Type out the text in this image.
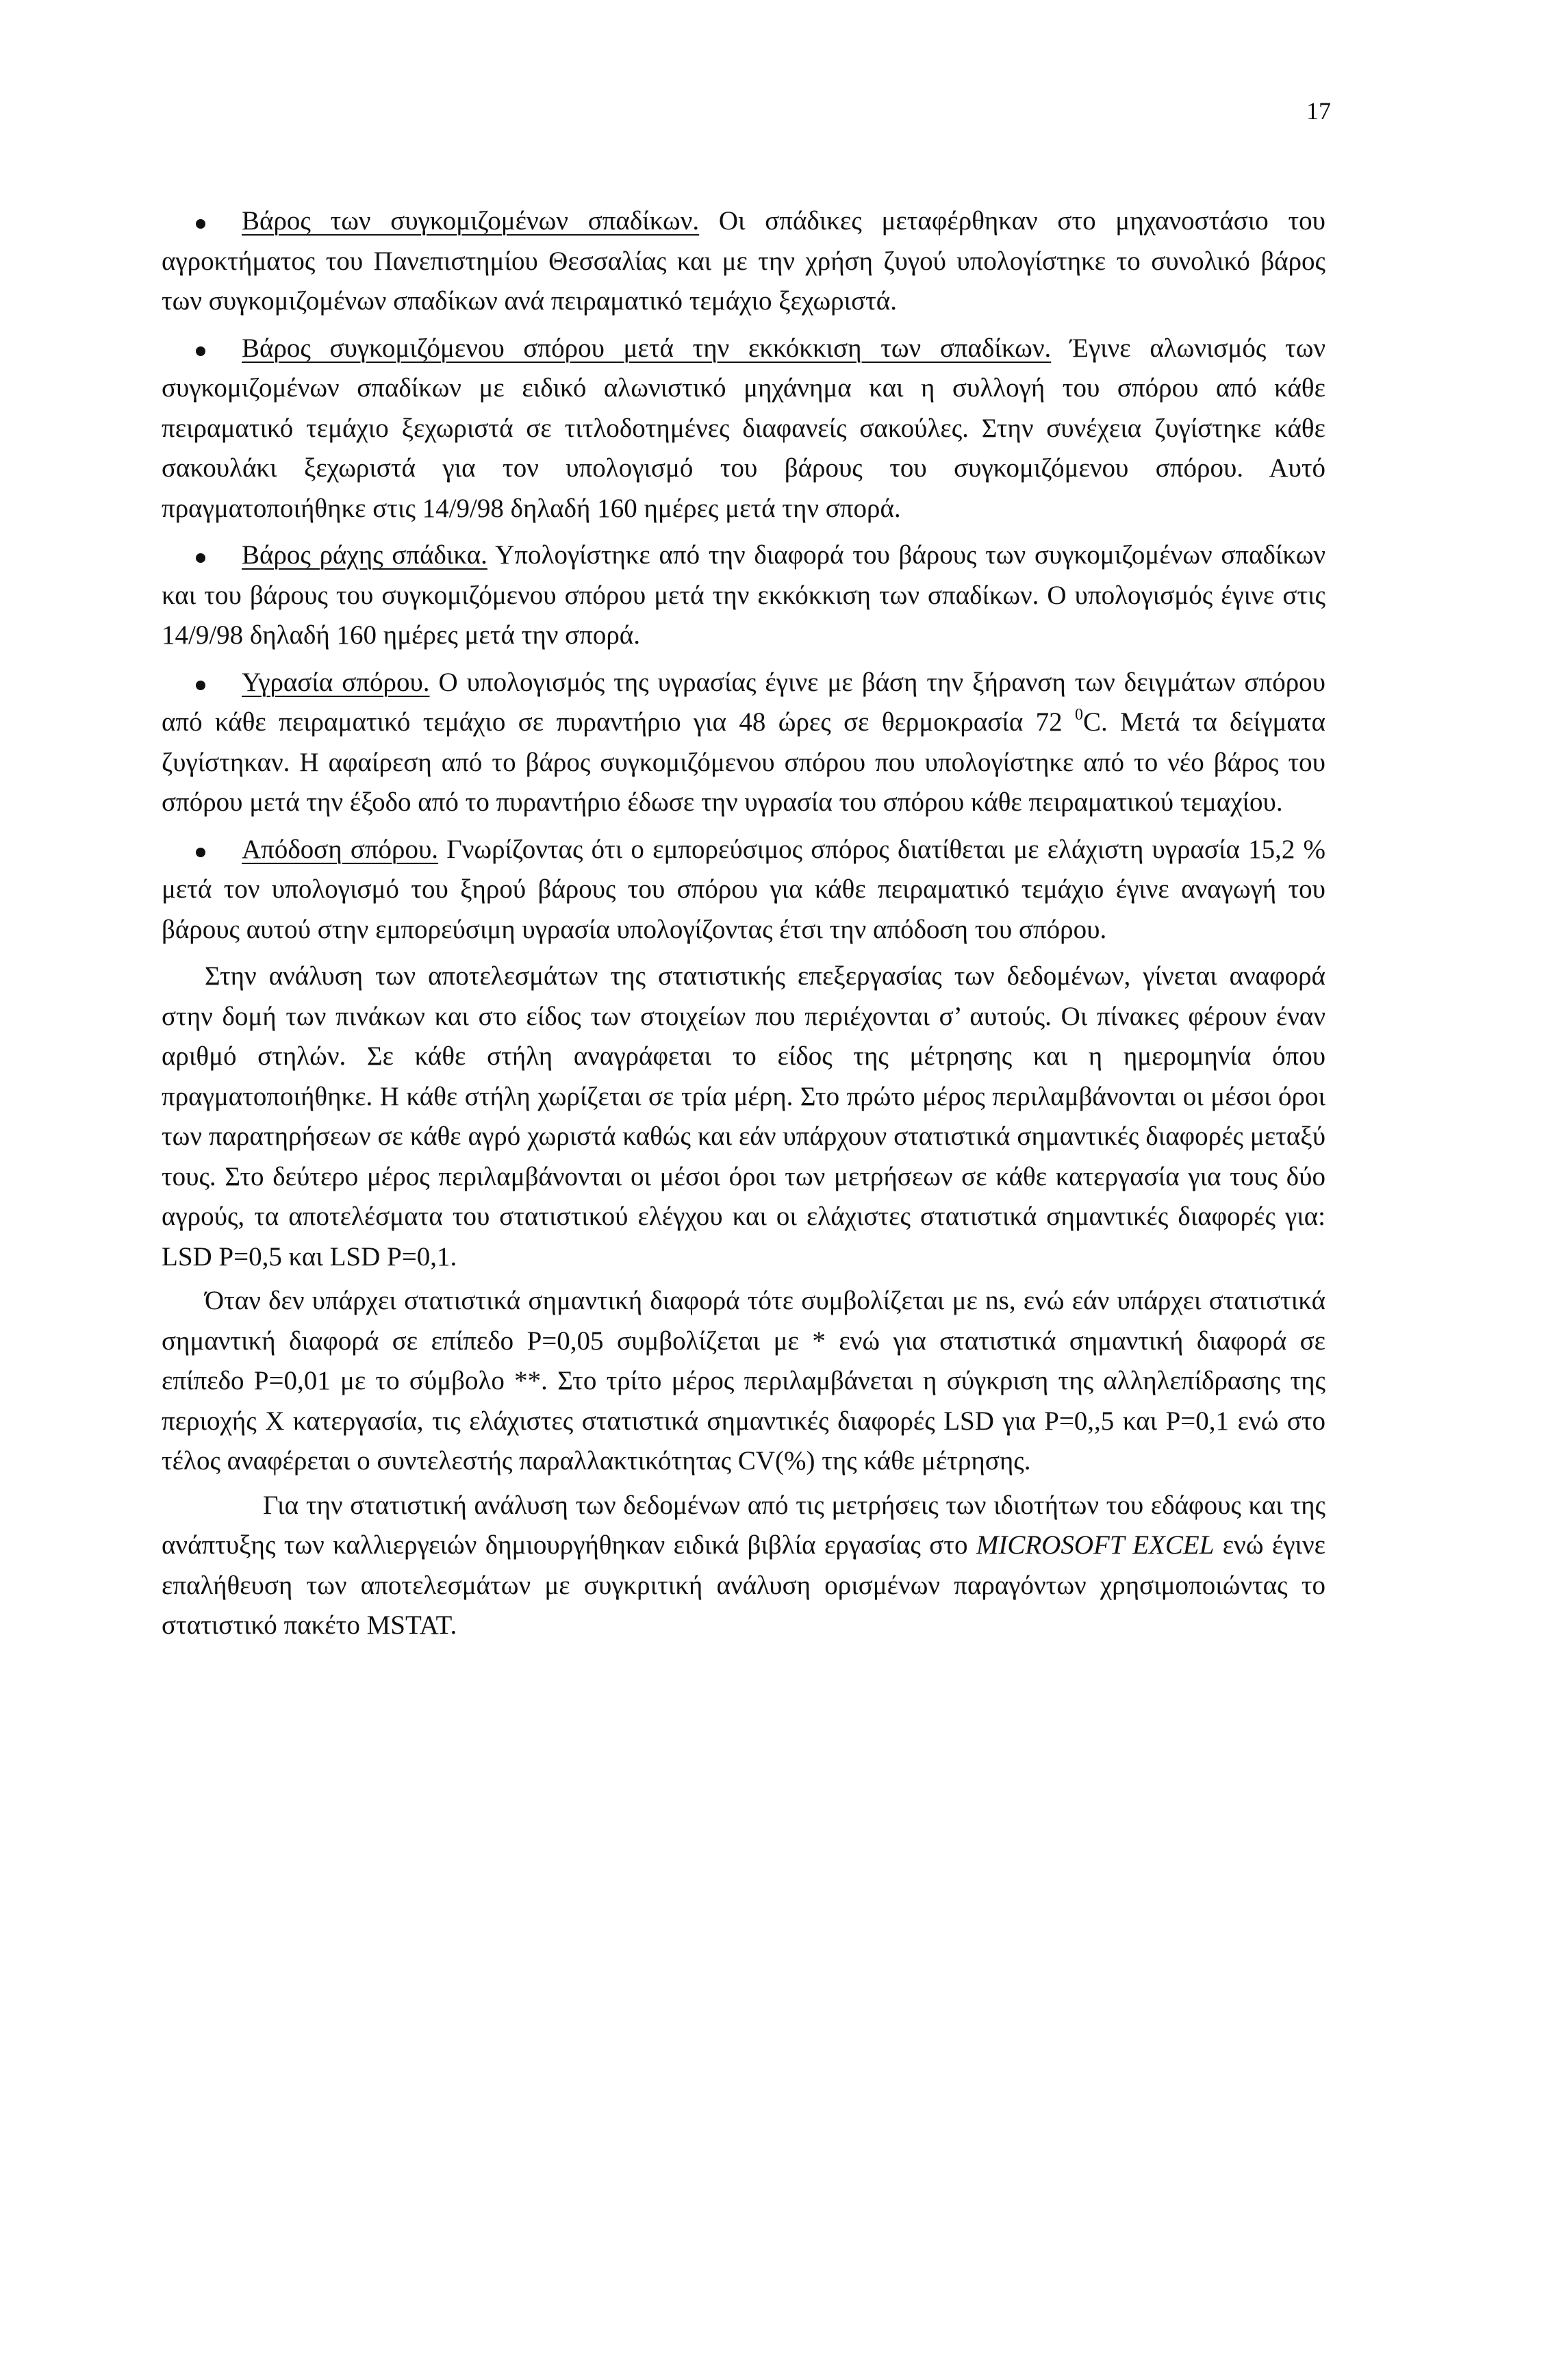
17

Βάρος των συγκομιζομένων σπαδίκων. Οι σπάδικες μεταφέρθηκαν στο μηχανοστάσιο του αγροκτήματος του Πανεπιστημίου Θεσσαλίας και με την χρήση ζυγού υπολογίστηκε το συνολικό βάρος των συγκομιζομένων σπαδίκων ανά πειραματικό τεμάχιο ξεχωριστά.

Βάρος συγκομιζόμενου σπόρου μετά την εκκόκκιση των σπαδίκων. Έγινε αλωνισμός των συγκομιζομένων σπαδίκων με ειδικό αλωνιστικό μηχάνημα και η συλλογή του σπόρου από κάθε πειραματικό τεμάχιο ξεχωριστά σε τιτλοδοτημένες διαφανείς σακούλες. Στην συνέχεια ζυγίστηκε κάθε σακουλάκι ξεχωριστά για τον υπολογισμό του βάρους του συγκομιζόμενου σπόρου. Αυτό πραγματοποιήθηκε στις 14/9/98 δηλαδή 160 ημέρες μετά την σπορά.

Βάρος ράχης σπάδικα. Υπολογίστηκε από την διαφορά του βάρους των συγκομιζομένων σπαδίκων και του βάρους του συγκομιζόμενου σπόρου μετά την εκκόκκιση των σπαδίκων. Ο υπολογισμός έγινε στις 14/9/98 δηλαδή 160 ημέρες μετά την σπορά.

Υγρασία σπόρου. Ο υπολογισμός της υγρασίας έγινε με βάση την ξήρανση των δειγμάτων σπόρου από κάθε πειραματικό τεμάχιο σε πυραντήριο για 48 ώρες σε θερμοκρασία 72 $^0$C. Μετά τα δείγματα ζυγίστηκαν. Η αφαίρεση από το βάρος συγκομιζόμενου σπόρου που υπολογίστηκε από το νέο βάρος του σπόρου μετά την έξοδο από το πυραντήριο έδωσε την υγρασία του σπόρου κάθε πειραματικού τεμαχίου.

Απόδοση σπόρου. Γνωρίζοντας ότι ο εμπορεύσιμος σπόρος διατίθεται με ελάχιστη υγρασία 15,2 % μετά τον υπολογισμό του ξηρού βάρους του σπόρου για κάθε πειραματικό τεμάχιο έγινε αναγωγή του βάρους αυτού στην εμπορεύσιμη υγρασία υπολογίζοντας έτσι την απόδοση του σπόρου.

Στην ανάλυση των αποτελεσμάτων της στατιστικής επεξεργασίας των δεδομένων, γίνεται αναφορά στην δομή των πινάκων και στο είδος των στοιχείων που περιέχονται σ’ αυτούς. Οι πίνακες φέρουν έναν αριθμό στηλών. Σε κάθε στήλη αναγράφεται το είδος της μέτρησης και η ημερομηνία όπου πραγματοποιήθηκε. Η κάθε στήλη χωρίζεται σε τρία μέρη. Στο πρώτο μέρος περιλαμβάνονται οι μέσοι όροι των παρατηρήσεων σε κάθε αγρό χωριστά καθώς και εάν υπάρχουν στατιστικά σημαντικές διαφορές μεταξύ τους. Στο δεύτερο μέρος περιλαμβάνονται οι μέσοι όροι των μετρήσεων σε κάθε κατεργασία για τους δύο αγρούς, τα αποτελέσματα του στατιστικού ελέγχου και οι ελάχιστες στατιστικά σημαντικές διαφορές για: LSD P=0,5 και LSD P=0,1.

Όταν δεν υπάρχει στατιστικά σημαντική διαφορά τότε συμβολίζεται με ns, ενώ εάν υπάρχει στατιστικά σημαντική διαφορά σε επίπεδο P=0,05 συμβολίζεται με * ενώ για στατιστικά σημαντική διαφορά σε επίπεδο P=0,01 με το σύμβολο **. Στο τρίτο μέρος περιλαμβάνεται η σύγκριση της αλληλεπίδρασης της περιοχής Χ κατεργασία, τις ελάχιστες στατιστικά σημαντικές διαφορές LSD για P=0,,5 και P=0,1 ενώ στο τέλος αναφέρεται ο συντελεστής παραλλακτικότητας CV(%) της κάθε μέτρησης.

Για την στατιστική ανάλυση των δεδομένων από τις μετρήσεις των ιδιοτήτων του εδάφους και της ανάπτυξης των καλλιεργειών δημιουργήθηκαν ειδικά βιβλία εργασίας στο MICROSOFT EXCEL ενώ έγινε επαλήθευση των αποτελεσμάτων με συγκριτική ανάλυση ορισμένων παραγόντων χρησιμοποιώντας το στατιστικό πακέτο MSTAT.
